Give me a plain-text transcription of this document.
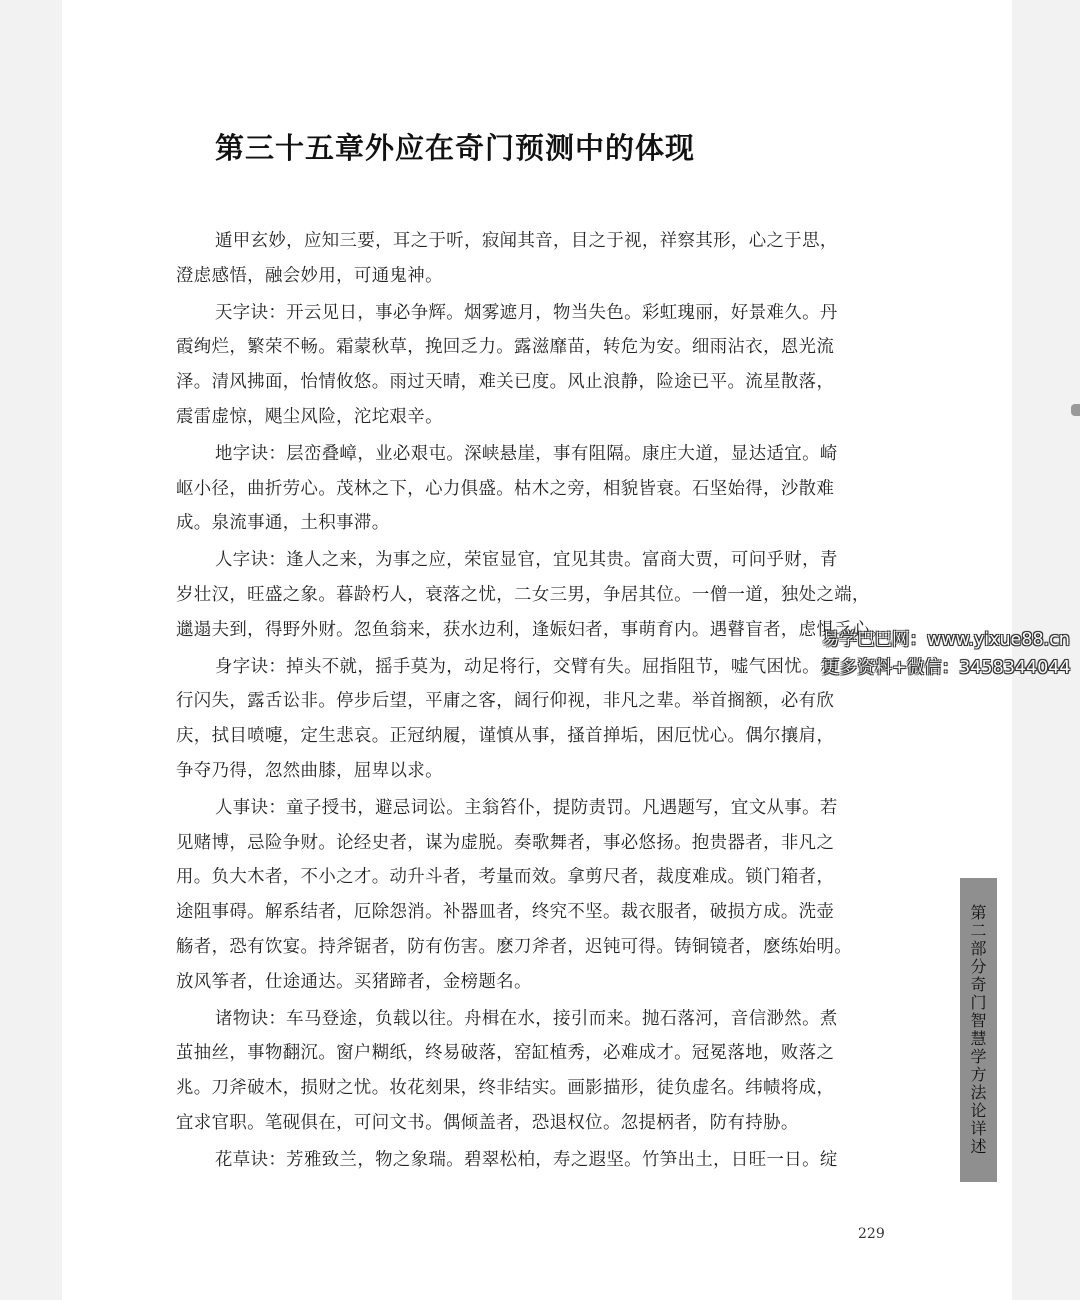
第三十五章外应在奇门预测中的体现
遁甲玄妙，应知三要，耳之于听，寂闻其音，目之于视，祥察其形，心之于思，
澄虑感悟，融会妙用，可通鬼神。
天字诀：开云见日，事必争辉。烟雾遮月，物当失色。彩虹瑰丽，好景难久。丹
霞绚烂，繁荣不畅。霜蒙秋草，挽回乏力。露滋靡苗，转危为安。细雨沾衣，恩光流
泽。清风拂面，怡情攸悠。雨过天晴，难关已度。风止浪静，险途已平。流星散落，
震雷虚惊，飓尘风险，沱坨艰辛。
地字诀：层峦叠嶂，业必艰屯。深峡悬崖，事有阻隔。康庄大道，显达适宜。崎
岖小径，曲折劳心。茂林之下，心力俱盛。枯木之旁，相貌皆衰。石坚始得，沙散难
成。泉流事通，土积事滞。
人字诀：逢人之来，为事之应，荣宦显官，宜见其贵。富商大贾，可问乎财，青
岁壮汉，旺盛之象。暮龄朽人，衰落之忧，二女三男，争居其位。一僧一道，独处之端，
邋遢夫到，得野外财。忽鱼翁来，获水边利，逢娠妇者，事萌育内。遇瞽盲者，虑惧乏心。
身字诀：掉头不就，摇手莫为，动足将行，交臂有失。屈指阻节，嘘气困忧。斜
行闪失，露舌讼非。停步后望，平庸之客，阔行仰视，非凡之辈。举首搁额，必有欣
庆，拭目喷嚏，定生悲哀。正冠纳履，谨慎从事，搔首掸垢，困厄忧心。偶尔攘肩，
争夺乃得，忽然曲膝，屈卑以求。
人事诀：童子授书，避忌词讼。主翁笞仆，提防责罚。凡遇题写，宜文从事。若
见赌博，忌险争财。论经史者，谋为虚脱。奏歌舞者，事必悠扬。抱贵器者，非凡之
用。负大木者，不小之才。动升斗者，考量而效。拿剪尺者，裁度难成。锁门箱者，
途阻事碍。解系结者，厄除怨消。补器皿者，终究不坚。裁衣服者，破损方成。洗壶
觞者，恐有饮宴。持斧锯者，防有伤害。麽刀斧者，迟钝可得。铸铜镜者，麽练始明。
放风筝者，仕途通达。买猪蹄者，金榜题名。
诸物诀：车马登途，负载以往。舟楫在水，接引而来。抛石落河，音信渺然。煮
茧抽丝，事物翻沉。窗户糊纸，终易破落，窑缸植秀，必难成才。冠冕落地，败落之
兆。刀斧破木，损财之忧。妆花刻果，终非结实。画影描形，徒负虚名。纬帻将成，
宜求官职。笔砚俱在，可问文书。偶倾盖者，恐退权位。忽提柄者，防有持胁。
花草诀：芳雅致兰，物之象瑞。碧翠松柏，寿之遐坚。竹笋出土，日旺一日。绽
第
二
部
分
奇
门
智
慧
学
方
法
论
详
述
229
易学巴巴网：www.yixue88.cn
更多资料+微信：3458344044
